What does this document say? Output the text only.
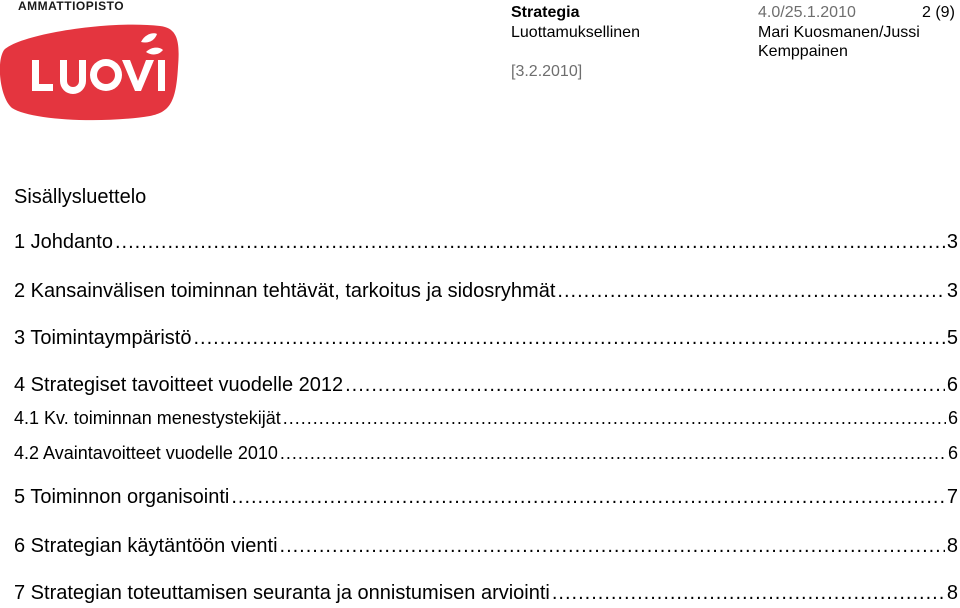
AMMATTIOPISTO	Strategia
Luottamuksellinen
[3.2.2010]
4.0/25.1.2010	2 (9)
Mari Kuosmanen/Jussi Kemppainen
Sisällysluettelo
1 Johdanto .....	3
2 Kansainvälisen toiminnan tehtävät, tarkoitus ja sidosryhmät .....	3
3 Toimintaympäristö .....	5
4 Strategiset tavoitteet vuodelle 2012 .....	6
4.1 Kv. toiminnan menestystekijät .....	6
4.2 Avaintavoitteet vuodelle 2010 .....	6
5 Toiminnon organisointi .....	7
6 Strategian käytäntöön vienti .....	8
7 Strategian toteuttamisen seuranta ja onnistumisen arviointi .....	8
